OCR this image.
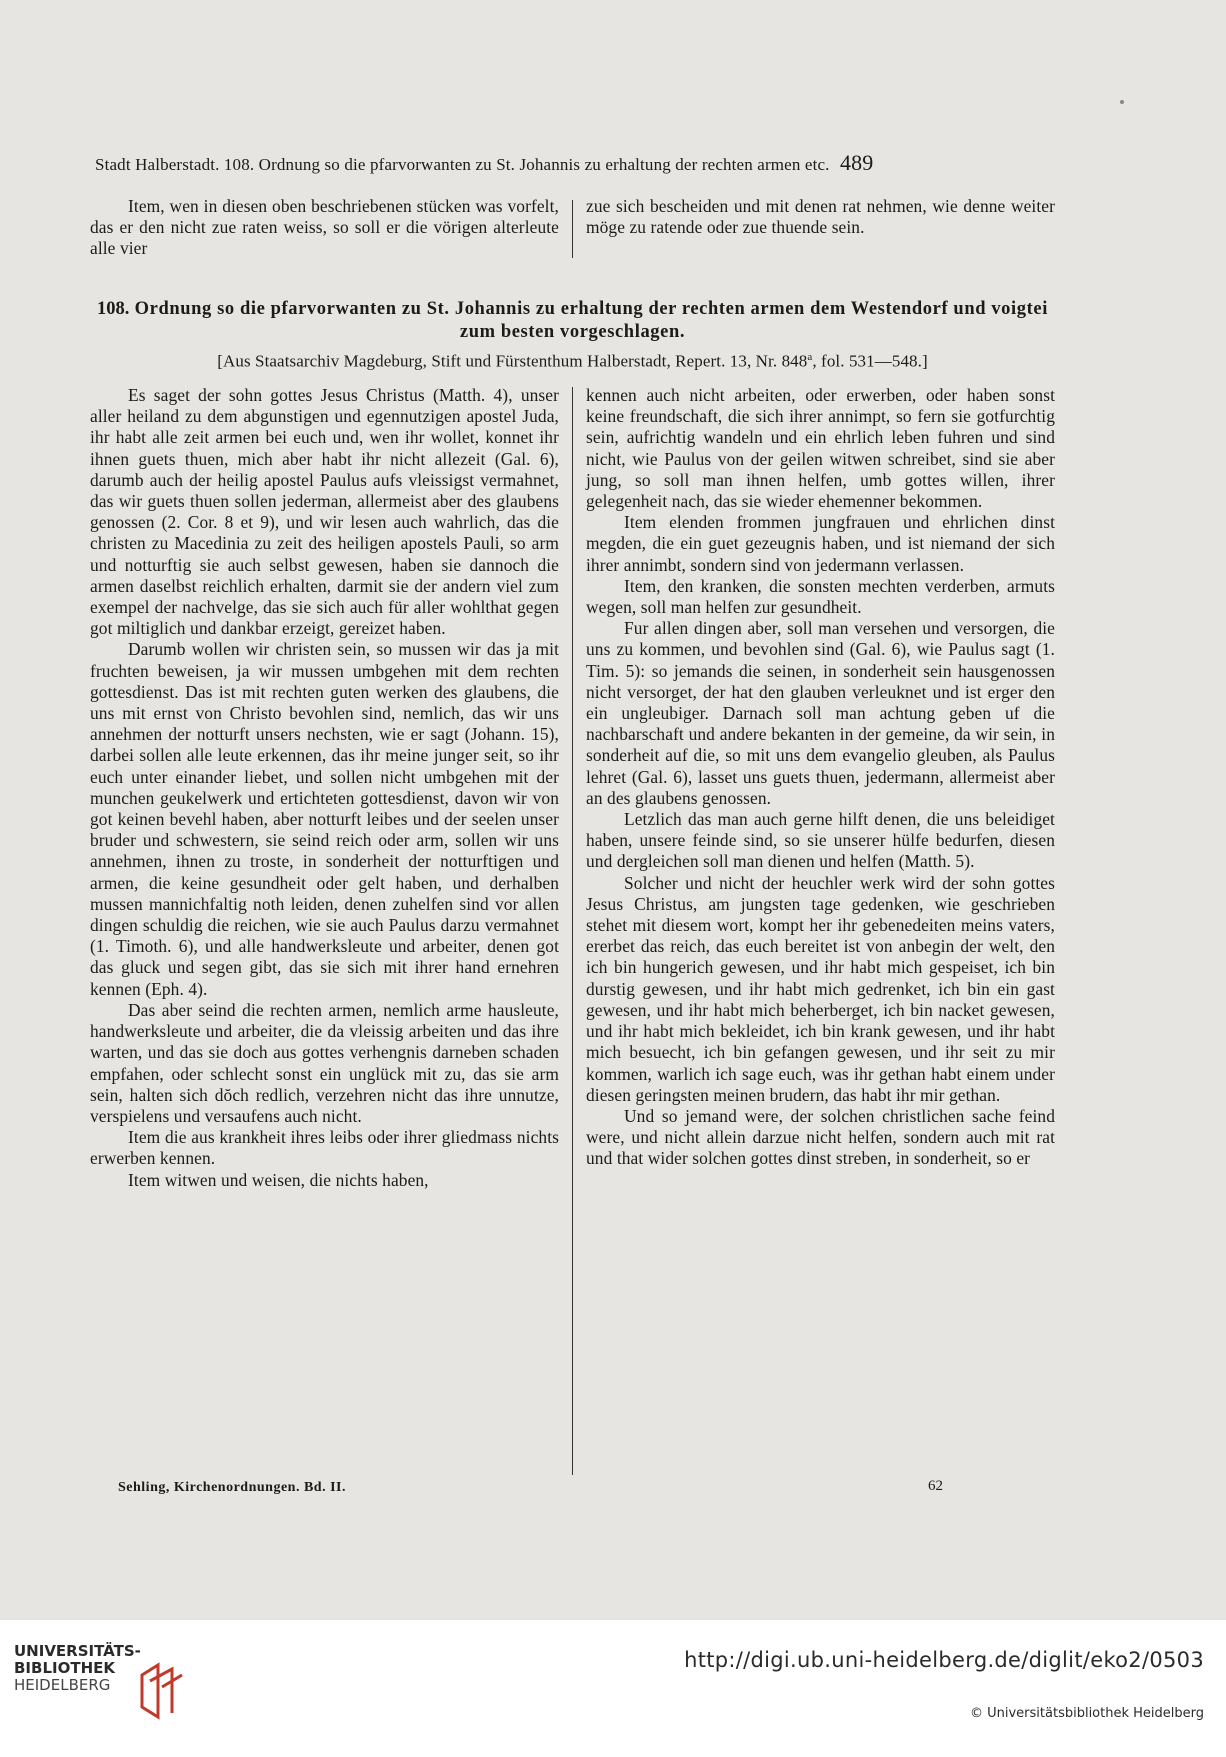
Stadt Halberstadt. 108. Ordnung so die pfarvorwanten zu St. Johannis zu erhaltung der rechten armen etc. 489

Item, wen in diesen oben beschriebenen stücken was vorfelt, das er den nicht zue raten weiss, so soll er die vörigen alterleute alle vier

zue sich bescheiden und mit denen rat nehmen, wie denne weiter möge zu ratende oder zue thuende sein.

108. Ordnung so die pfarvorwanten zu St. Johannis zu erhaltung der rechten armen dem Westendorf und voigtei zum besten vorgeschlagen.
[Aus Staatsarchiv Magdeburg, Stift und Fürstenthum Halberstadt, Repert. 13, Nr. 848$^a$, fol. 531—548.]

Es saget der sohn gottes Jesus Christus (Matth. 4), unser aller heiland zu dem abgunstigen und egennutzigen apostel Juda, ihr habt alle zeit armen bei euch und, wen ihr wollet, konnet ihr ihnen guets thuen, mich aber habt ihr nicht allezeit (Gal. 6), darumb auch der heilig apostel Paulus aufs vleissigst vermahnet, das wir guets thuen sollen jederman, allermeist aber des glaubens genossen (2. Cor. 8 et 9), und wir lesen auch wahrlich, das die christen zu Macedinia zu zeit des heiligen apostels Pauli, so arm und notturftig sie auch selbst gewesen, haben sie dannoch die armen daselbst reichlich erhalten, darmit sie der andern viel zum exempel der nachvelge, das sie sich auch für aller wohlthat gegen got miltiglich und dankbar erzeigt, gereizet haben.

Darumb wollen wir christen sein, so mussen wir das ja mit fruchten beweisen, ja wir mussen umbgehen mit dem rechten gottesdienst. Das ist mit rechten guten werken des glaubens, die uns mit ernst von Christo bevohlen sind, nemlich, das wir uns annehmen der notturft unsers nechsten, wie er sagt (Johann. 15), darbei sollen alle leute erkennen, das ihr meine junger seit, so ihr euch unter einander liebet, und sollen nicht umbgehen mit der munchen geukelwerk und ertichteten gottesdienst, davon wir von got keinen bevehl haben, aber notturft leibes und der seelen unser bruder und schwestern, sie seind reich oder arm, sollen wir uns annehmen, ihnen zu troste, in sonderheit der notturftigen und armen, die keine gesundheit oder gelt haben, und derhalben mussen mannichfaltig noth leiden, denen zuhelfen sind vor allen dingen schuldig die reichen, wie sie auch Paulus darzu vermahnet (1. Timoth. 6), und alle handwerksleute und arbeiter, denen got das gluck und segen gibt, das sie sich mit ihrer hand ernehren kennen (Eph. 4).

Das aber seind die rechten armen, nemlich arme hausleute, handwerksleute und arbeiter, die da vleissig arbeiten und das ihre warten, und das sie doch aus gottes verhengnis darneben schaden empfahen, oder schlecht sonst ein unglück mit zu, das sie arm sein, halten sich dŏch redlich, verzehren nicht das ihre unnutze, verspielens und versaufens auch nicht.

Item die aus krankheit ihres leibs oder ihrer gliedmass nichts erwerben kennen.

Item witwen und weisen, die nichts haben,

kennen auch nicht arbeiten, oder erwerben, oder haben sonst keine freundschaft, die sich ihrer annimpt, so fern sie gotfurchtig sein, aufrichtig wandeln und ein ehrlich leben fuhren und sind nicht, wie Paulus von der geilen witwen schreibet, sind sie aber jung, so soll man ihnen helfen, umb gottes willen, ihrer gelegenheit nach, das sie wieder ehemenner bekommen.

Item elenden frommen jungfrauen und ehrlichen dinst megden, die ein guet gezeugnis haben, und ist niemand der sich ihrer annimbt, sondern sind von jedermann verlassen.

Item, den kranken, die sonsten mechten verderben, armuts wegen, soll man helfen zur gesundheit.

Fur allen dingen aber, soll man versehen und versorgen, die uns zu kommen, und bevohlen sind (Gal. 6), wie Paulus sagt (1. Tim. 5): so jemands die seinen, in sonderheit sein hausgenossen nicht versorget, der hat den glauben verleuknet und ist erger den ein ungleubiger. Darnach soll man achtung geben uf die nachbarschaft und andere bekanten in der gemeine, da wir sein, in sonderheit auf die, so mit uns dem evangelio gleuben, als Paulus lehret (Gal. 6), lasset uns guets thuen, jedermann, allermeist aber an des glaubens genossen.

Letzlich das man auch gerne hilft denen, die uns beleidiget haben, unsere feinde sind, so sie unserer hülfe bedurfen, diesen und dergleichen soll man dienen und helfen (Matth. 5).

Solcher und nicht der heuchler werk wird der sohn gottes Jesus Christus, am jungsten tage gedenken, wie geschrieben stehet mit diesem wort, kompt her ihr gebenedeiten meins vaters, ererbet das reich, das euch bereitet ist von anbegin der welt, den ich bin hungerich gewesen, und ihr habt mich gespeiset, ich bin durstig gewesen, und ihr habt mich gedrenket, ich bin ein gast gewesen, und ihr habt mich beherberget, ich bin nacket gewesen, und ihr habt mich bekleidet, ich bin krank gewesen, und ihr habt mich besuecht, ich bin gefangen gewesen, und ihr seit zu mir kommen, warlich ich sage euch, was ihr gethan habt einem under diesen geringsten meinen brudern, das habt ihr mir gethan.

Und so jemand were, der solchen christlichen sache feind were, und nicht allein darzue nicht helfen, sondern auch mit rat und that wider solchen gottes dinst streben, in sonderheit, so er

Sehling, Kirchenordnungen. Bd. II.	62
UNIVERSITÄTS-
BIBLIOTHEK
HEIDELBERG
http://digi.ub.uni-heidelberg.de/diglit/eko2/0503
© Universitätsbibliothek Heidelberg
